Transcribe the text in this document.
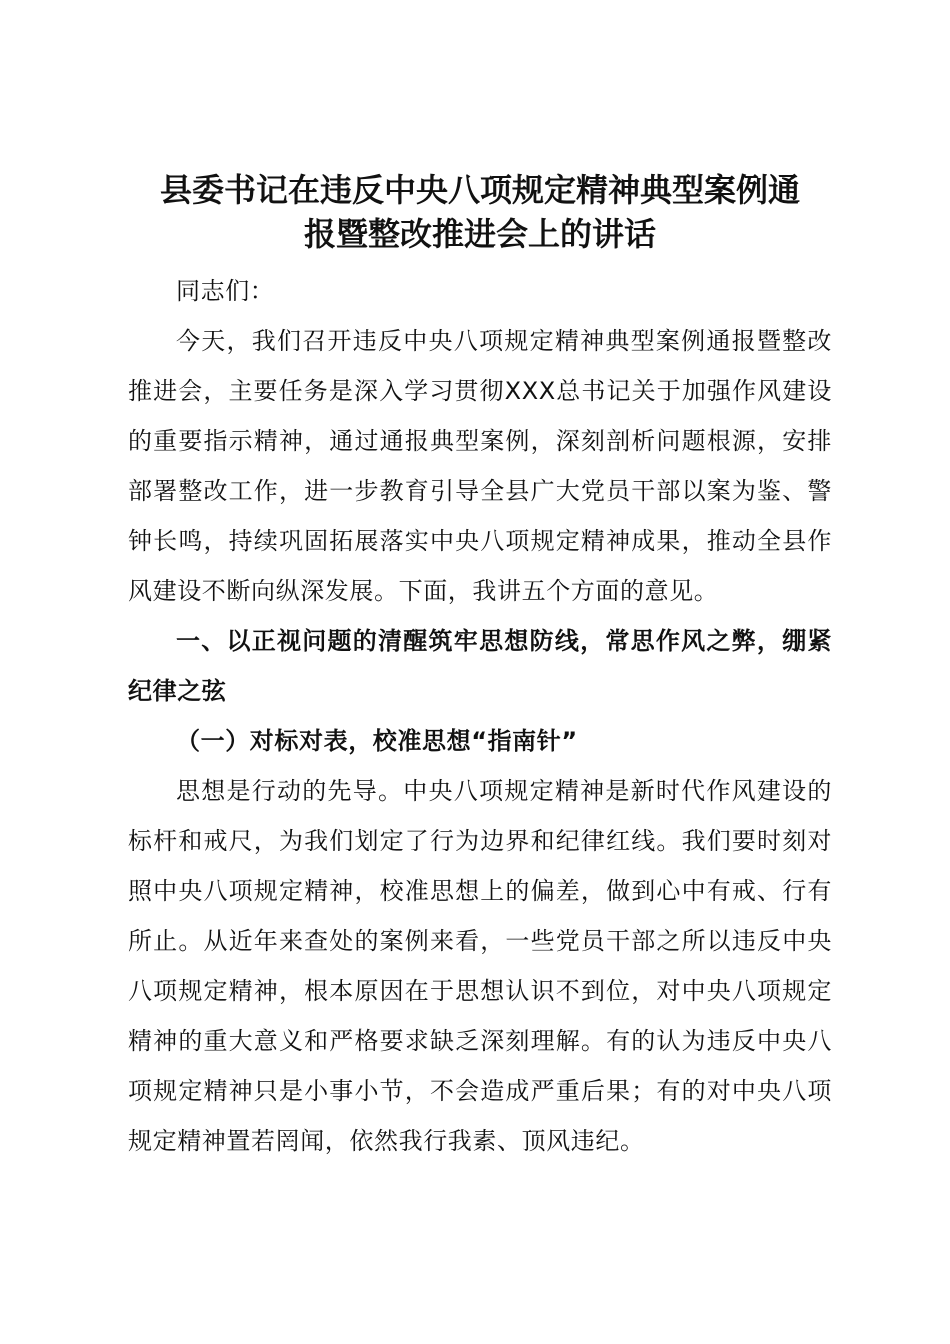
县委书记在违反中央八项规定精神典型案例通
报暨整改推进会上的讲话

同志们：

今天，我们召开违反中央八项规定精神典型案例通报暨整改推进会，主要任务是深入学习贯彻XXX总书记关于加强作风建设的重要指示精神，通过通报典型案例，深刻剖析问题根源，安排部署整改工作，进一步教育引导全县广大党员干部以案为鉴、警钟长鸣，持续巩固拓展落实中央八项规定精神成果，推动全县作风建设不断向纵深发展。下面，我讲五个方面的意见。

一、以正视问题的清醒筑牢思想防线，常思作风之弊，绷紧纪律之弦

（一）对标对表，校准思想“指南针”

思想是行动的先导。中央八项规定精神是新时代作风建设的标杆和戒尺，为我们划定了行为边界和纪律红线。我们要时刻对照中央八项规定精神，校准思想上的偏差，做到心中有戒、行有所止。从近年来查处的案例来看，一些党员干部之所以违反中央八项规定精神，根本原因在于思想认识不到位，对中央八项规定精神的重大意义和严格要求缺乏深刻理解。有的认为违反中央八项规定精神只是小事小节，不会造成严重后果；有的对中央八项规定精神置若罔闻，依然我行我素、顶风违纪。
